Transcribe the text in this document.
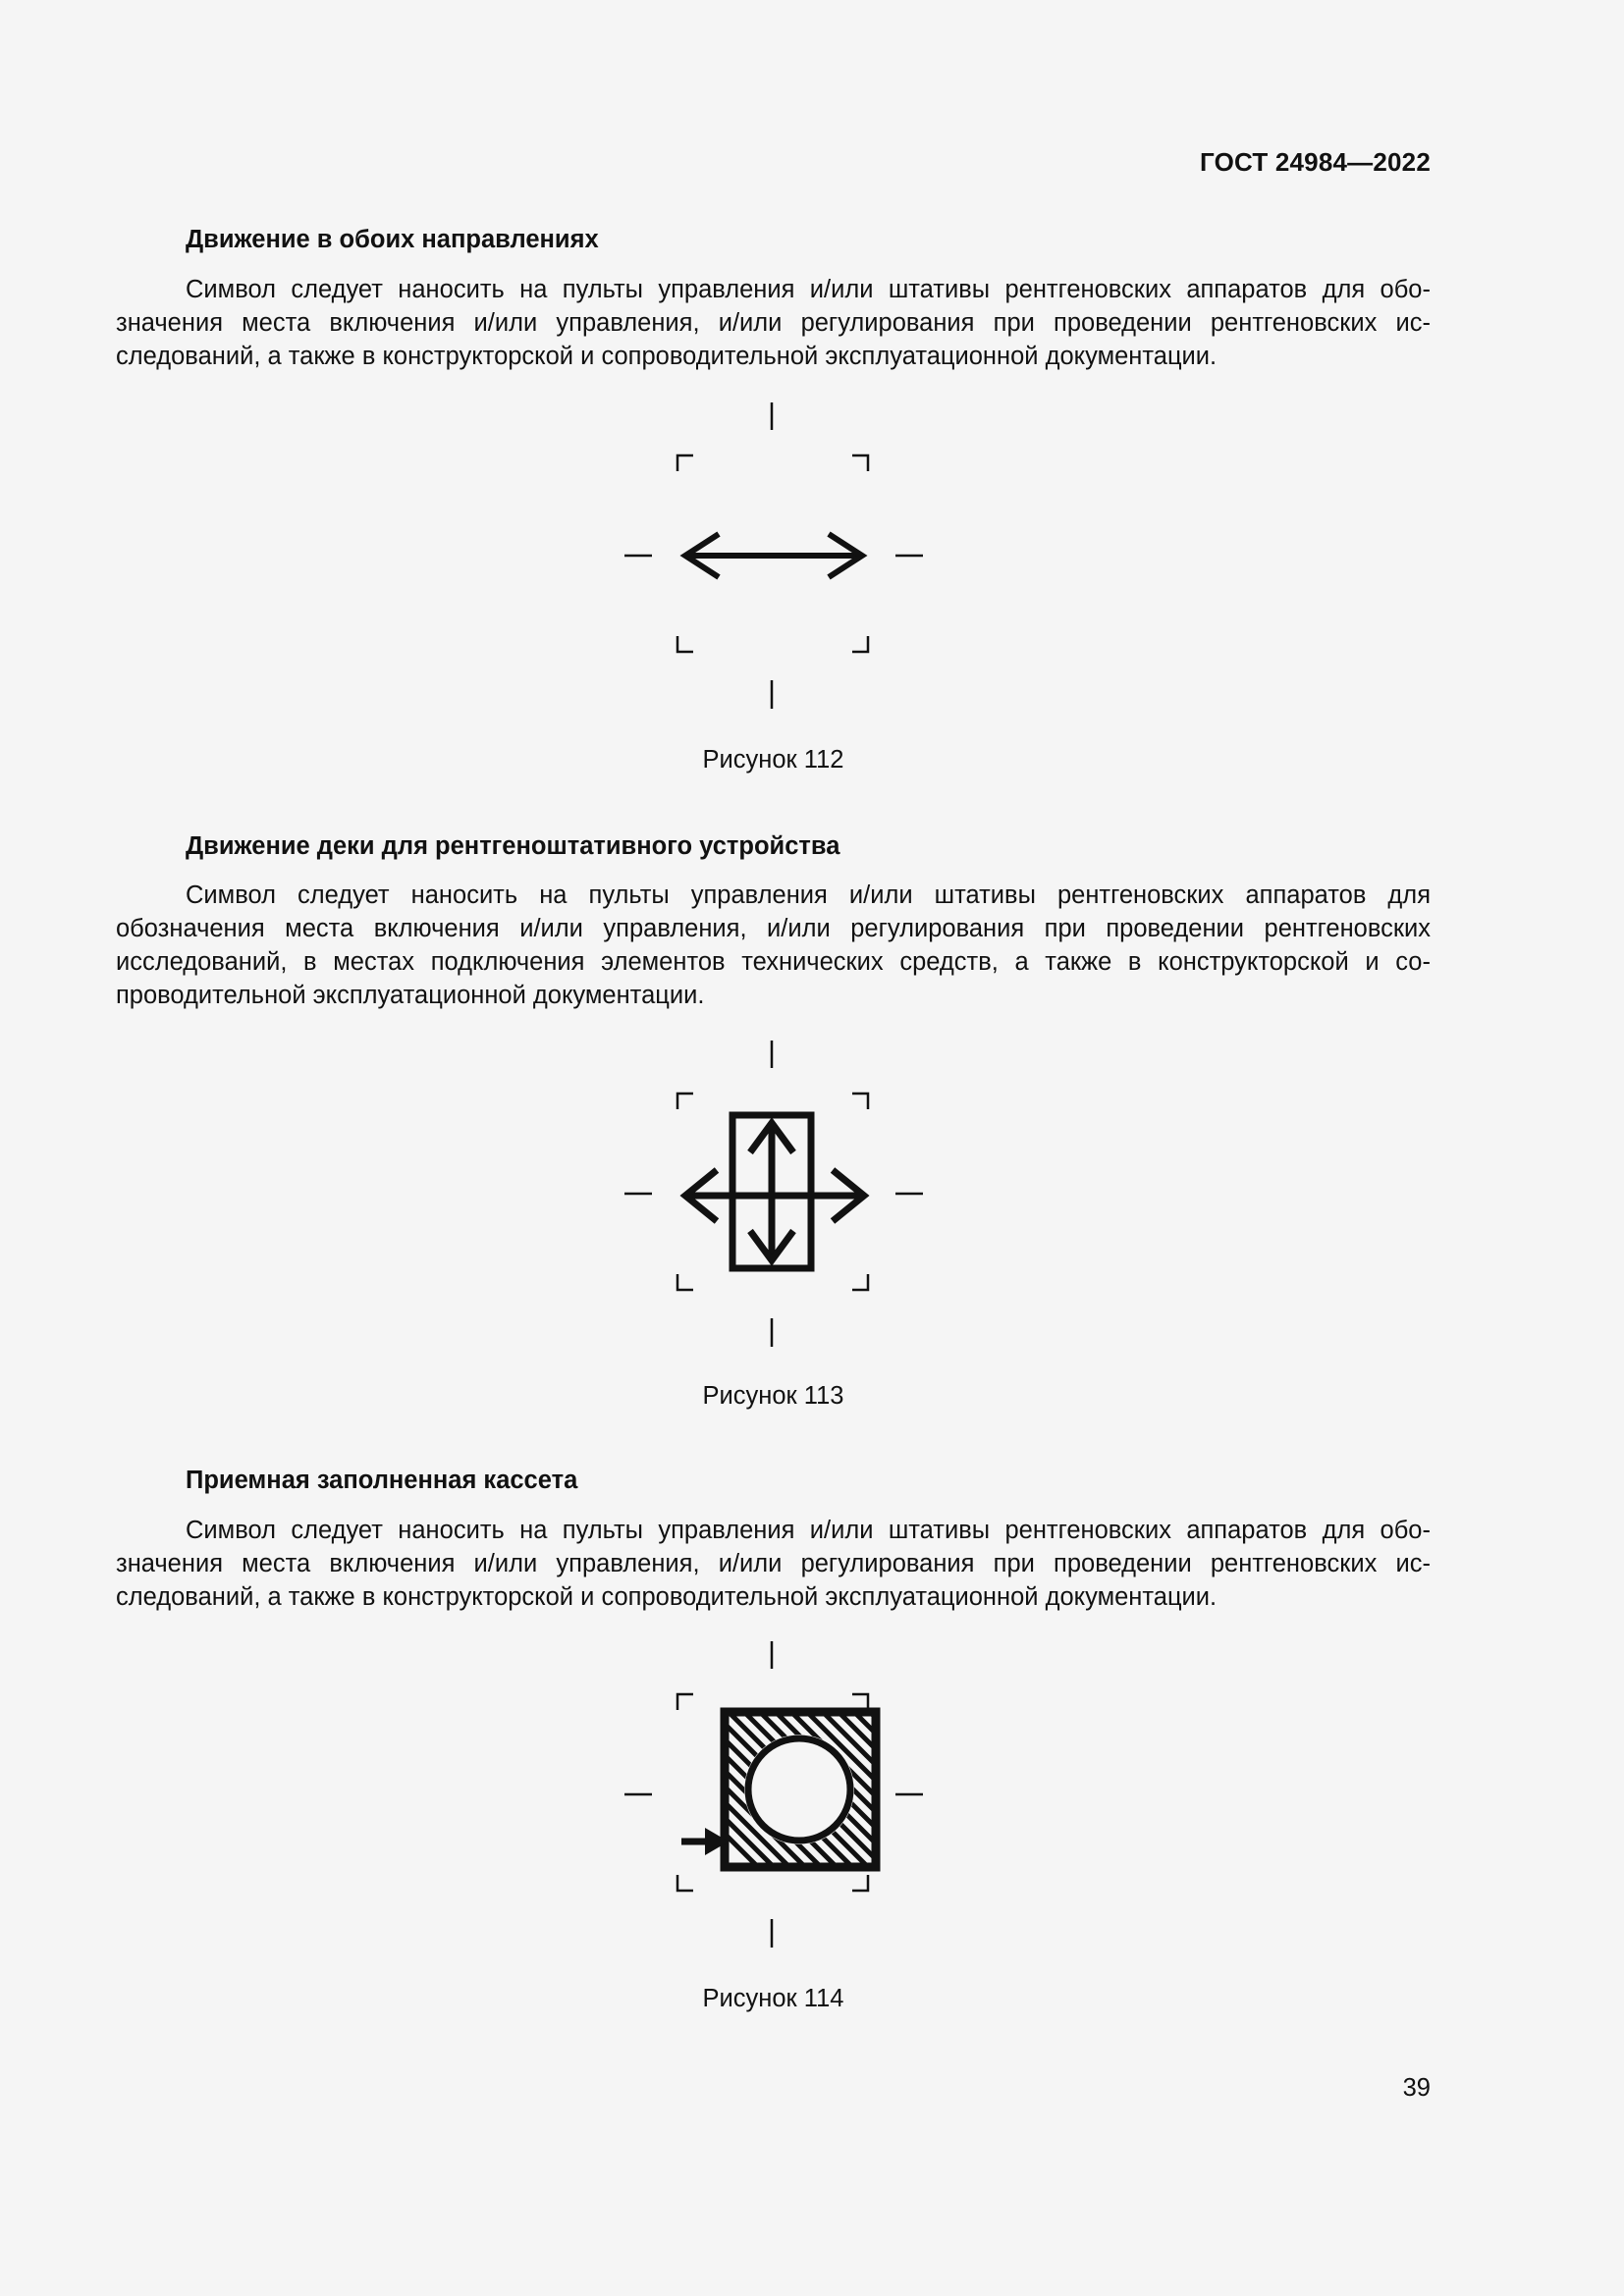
ГОСТ 24984—2022
Движение в обоих направлениях
Символ следует наносить на пульты управления и/или штативы рентгеновских аппаратов для обозначения места включения и/или управления, и/или регулирования при проведении рентгеновских исследований, а также в конструкторской и сопроводительной эксплуатационной документации.
Рисунок 112
Движение деки для рентгенoштативного устройства
Символ следует наносить на пульты управления и/или штативы рентгеновских аппаратов для обозначения места включения и/или управления, и/или регулирования при проведении рентгеновских исследований, в местах подключения элементов технических средств, а также в конструкторской и сопроводительной эксплуатационной документации.
Рисунок 113
Приемная заполненная кассета
Символ следует наносить на пульты управления и/или штативы рентгеновских аппаратов для обозначения места включения и/или управления, и/или регулирования при проведении рентгеновских исследований, а также в конструкторской и сопроводительной эксплуатационной документации.
Рисунок 114
39
